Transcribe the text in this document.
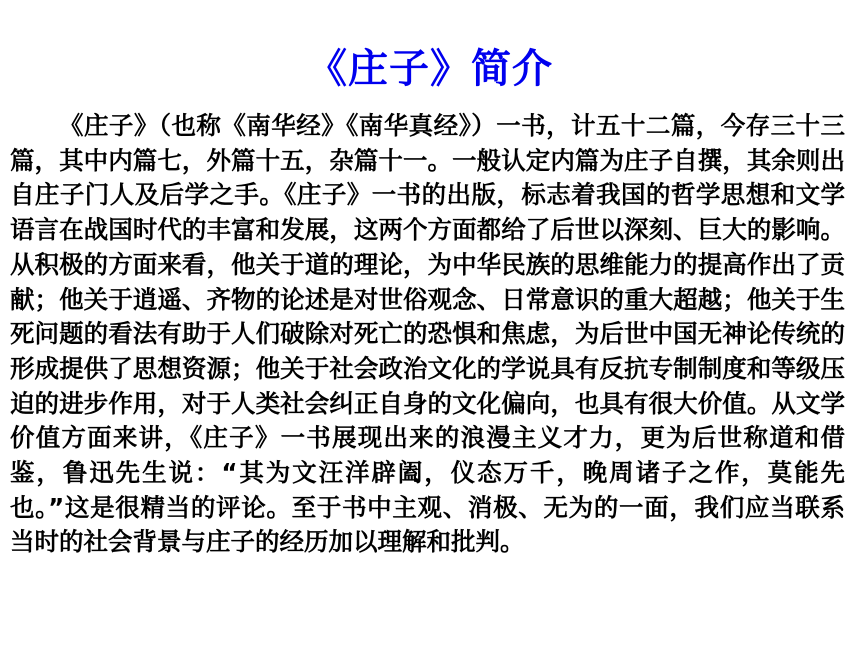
《庄子》简介

《庄子》（也称《南华经》《南华真经》）一书，计五十二篇，今存三十三篇，其中内篇七，外篇十五，杂篇十一。一般认定内篇为庄子自撰，其余则出自庄子门人及后学之手。《庄子》一书的出版，标志着我国的哲学思想和文学语言在战国时代的丰富和发展，这两个方面都给了后世以深刻、巨大的影响。从积极的方面来看，他关于道的理论，为中华民族的思维能力的提高作出了贡献；他关于逍遥、齐物的论述是对世俗观念、日常意识的重大超越；他关于生死问题的看法有助于人们破除对死亡的恐惧和焦虑，为后世中国无神论传统的形成提供了思想资源；他关于社会政治文化的学说具有反抗专制制度和等级压迫的进步作用，对于人类社会纠正自身的文化偏向，也具有很大价值。从文学价值方面来讲，《庄子》一书展现出来的浪漫主义才力，更为后世称道和借鉴，鲁迅先生说：“其为文汪洋辟阖，仪态万千，晚周诸子之作，莫能先也。”这是很精当的评论。至于书中主观、消极、无为的一面，我们应当联系当时的社会背景与庄子的经历加以理解和批判。
